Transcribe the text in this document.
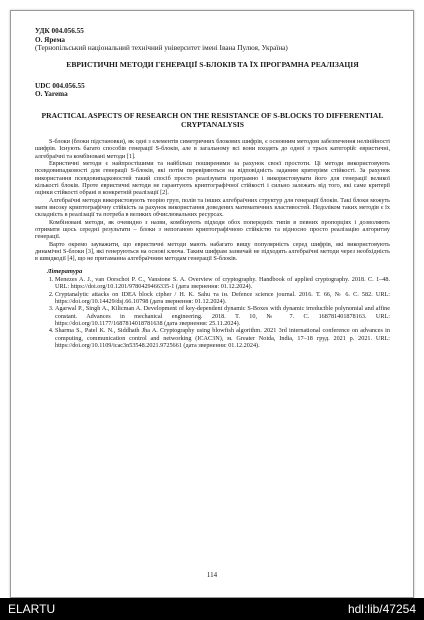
УДК 004.056.55
О. Ярема
(Тернопільський національний технічний університет імені Івана Пулюя, Україна)
ЕВРИСТИЧНІ МЕТОДИ ГЕНЕРАЦІЇ S-БЛОКІВ ТА ЇХ ПРОГРАМНА РЕАЛІЗАЦІЯ
UDC 004.056.55
O. Yarema
PRACTICAL ASPECTS OF RESEARCH ON THE RESISTANCE OF S-BLOCKS TO DIFFERENTIAL CRYPTANALYSIS

S-блоки (блоки підстановки), як одні з елементів симетричних блокових шифрів, є основним методом забезпечення нелінійності шифрів. Існують багато способів генерації S-блоків, але в загальному всі вони входять до одної з трьох категорій: евристичні, алгебраїчні та комбіновані методи [1].

Евристичні методи є найпростішими та найбільш поширеними за рахунок своєї простоти. Ці методи використовують псевдовипадковості для генерації S-блоків, які потім перевіряються на відповідність заданим критеріям стійкості. За рахунок використання псевдовипадковостей такий спосіб просто реалізувати програмно і використовувати його для генерації великої кількості блоків. Проте евристичні методи не гарантують криптографічної стійкості і сильно залежать від того, які саме критерії оцінки стійкості обрані в конкретній реалізації [2].

Алгебраїчні методи використовують теорію груп, полів та інших алгебраїчних структур для генерації блоків. Такі блоки можуть мати високу криптографічну стійкість за рахунок використання доведених математичних властивостей. Недоліком таких методів є їх складність в реалізації та потреба в великих обчислювальних ресурсах.

Комбіновані методи, як очевидно з назви, комбінують підходи обох попередніх типів в певних пропорціях і дозволяють отримати щось середні результати – блоки з непоганою криптографічною стійкістю та відносно просто реалізацію алгоритму генерації.

Варто окремо зауважити, що евристичні методи мають набагато вищу популярність серед шифрів, які використовують динамічні S-блоки [3], які генеруються на основі ключа. Таким шифрам зазвичай не підходять алгебраїчні методи через необхідність в швидкодії [4], що не притаманна алгебраїчним методам генерації S-блоків.

Література
1. Menezes A. J., van Oorschot P. C., Vanstone S. A. Overview of cryptography. Handbook of applied cryptography. 2018. С. 1–48. URL: https://doi.org/10.1201/9780429466335-1 (дата звернення: 01.12.2024).
2. Cryptanalytic attacks on IDEA block cipher / H. K. Sahu та ін. Defence science journal. 2016. Т. 66, № 6. С. 582. URL: https://doi.org/10.14429/dsj.66.10798 (дата звернення: 01.12.2024).
3. Agarwal P., Singh A., Kilicman A. Development of key-dependent dynamic S-Boxes with dynamic irreducible polynomial and affine constant. Advances in mechanical engineering. 2018. Т. 10, № 7. С. 168781401878163. URL: https://doi.org/10.1177/1687814018781638 (дата звернення: 25.11.2024).
4. Sharma S., Patel K. N., Siddhath Jha A. Cryptography using blowfish algorithm. 2021 3rd international conference on advances in computing, communication control and networking (ICAC3N), м. Greater Noida, India, 17–18 груд. 2021 р. 2021. URL: https://doi.org/10.1109/icac3n53548.2021.9725661 (дата звернення: 01.12.2024).
114
ELARTU	hdl:lib/47254
